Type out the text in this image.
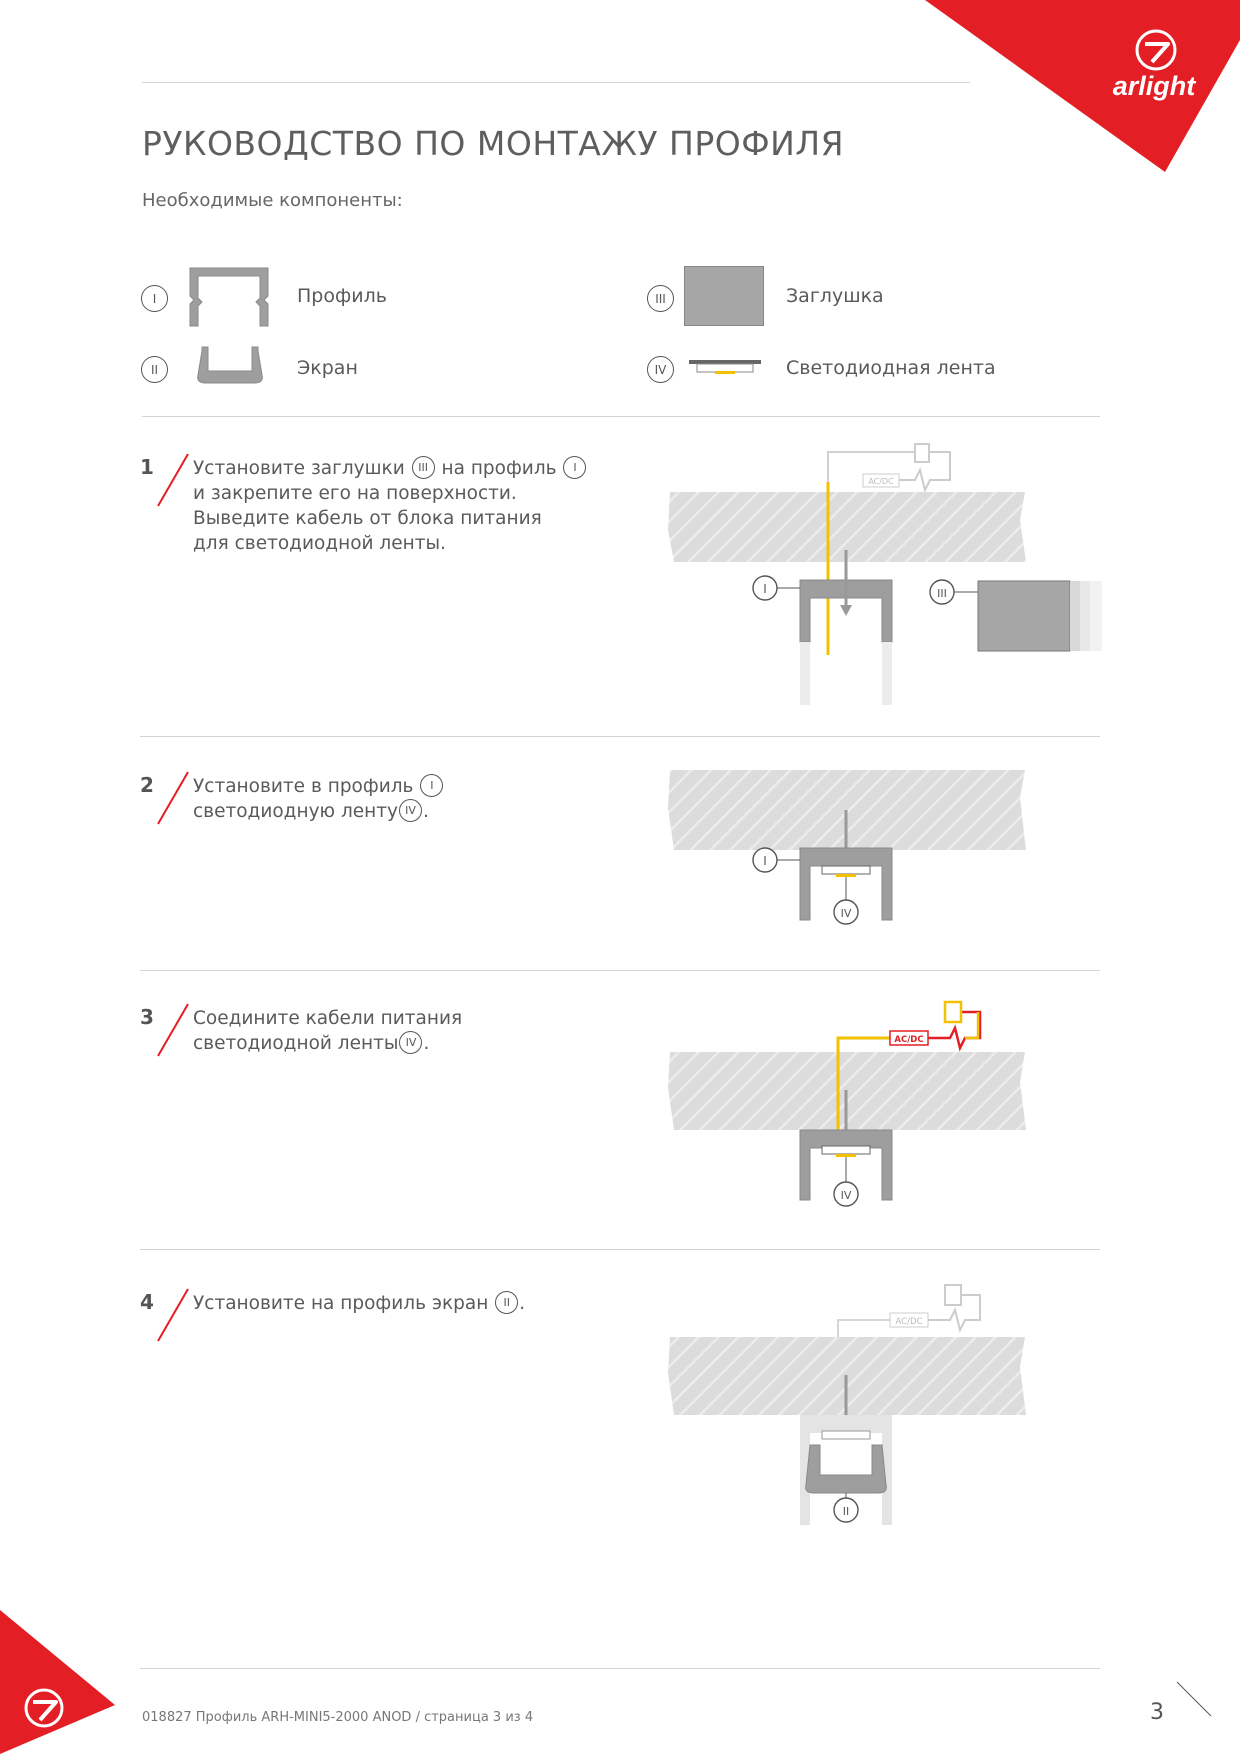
arlight
РУКОВОДСТВО ПО МОНТАЖУ ПРОФИЛЯ
Необходимые компоненты:
I	Профиль
II	Экран
III	Заглушка
IV	Светодиодная лента
1 Установите заглушки III на профиль I
и закрепите его на поверхности.
Выведите кабель от блока питания
для светодиодной ленты.
AC/DC
I	III
2 Установите в профиль I
светодиодную ленту IV .
I
IV
3 Соедините кабели питания
светодиодной ленты IV .	AC/DC
IV
4 Установите на профиль экран II .
AC/DC
II
018827 Профиль ARH-MINI5-2000 ANOD / страница 3 из 4	3
